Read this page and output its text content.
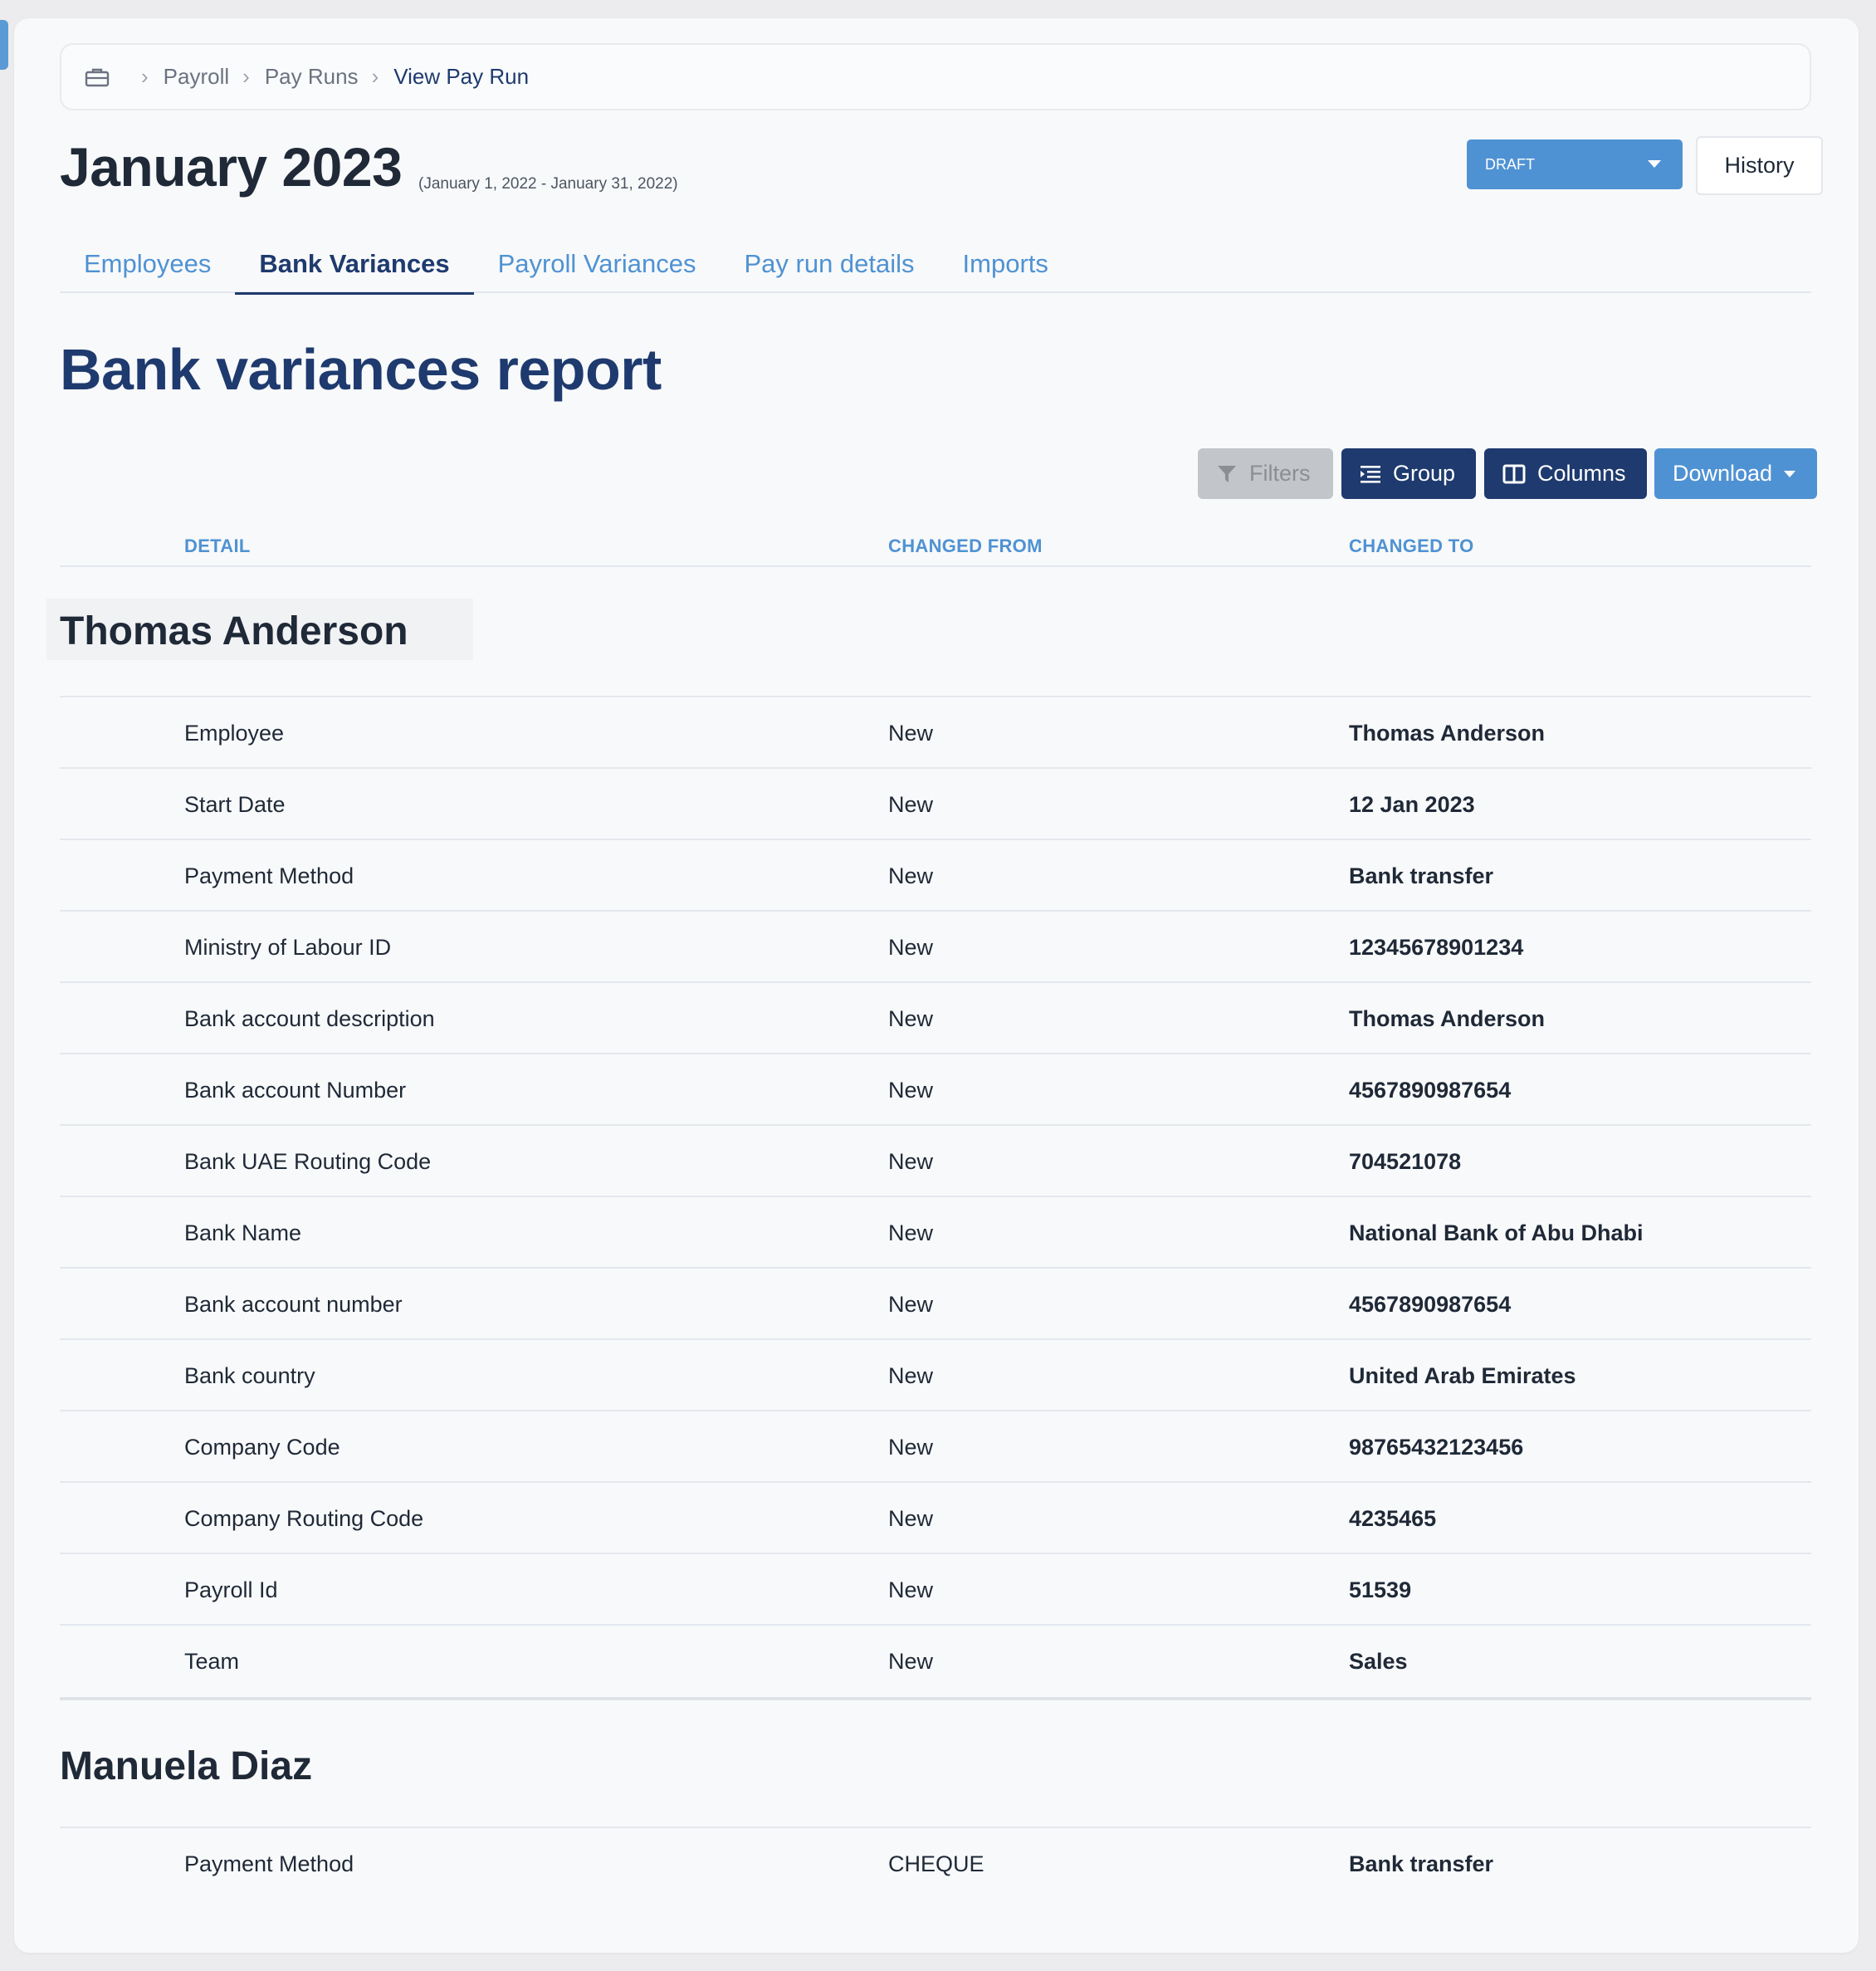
› Payroll › Pay Runs › View Pay Run
January 2023 (January 1, 2022 - January 31, 2022)
DRAFT	History
Employees	Bank Variances	Payroll Variances	Pay run details	Imports
Bank variances report
Filters	Group	Columns Download
DETAIL	CHANGED FROM	CHANGED TO
Thomas Anderson
Employee	New	Thomas Anderson
Start Date	New	12 Jan 2023
Payment Method	New	Bank transfer
Ministry of Labour ID	New	12345678901234
Bank account description	New	Thomas Anderson
Bank account Number	New	4567890987654
Bank UAE Routing Code	New	704521078
Bank Name	New	National Bank of Abu Dhabi
Bank account number	New	4567890987654
Bank country	New	United Arab Emirates
Company Code	New	98765432123456
Company Routing Code	New	4235465
Payroll Id	New	51539
Team	New	Sales
Manuela Diaz
Payment Method	CHEQUE	Bank transfer
